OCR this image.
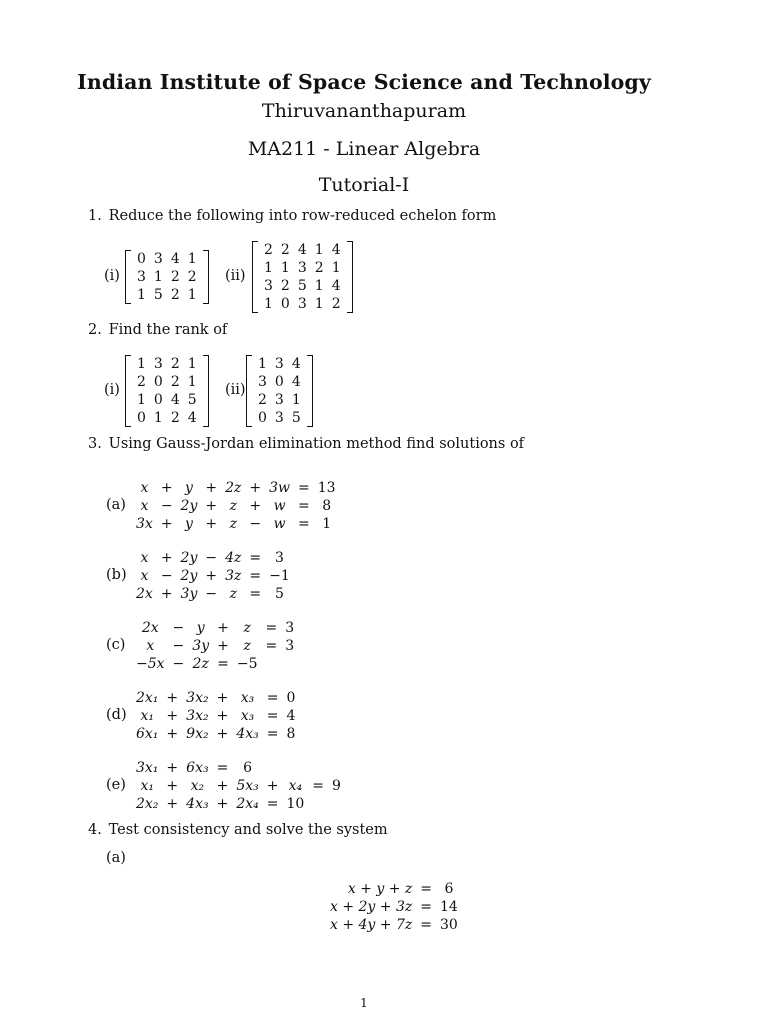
Indian Institute of Space Science and Technology
Thiruvananthapuram
MA211 - Linear Algebra
Tutorial-I
1. Reduce the following into row-reduced echelon form
(i)
0	3	4	1
3	1	2	2
1	5	2	1
(ii)
2	2	4	1	4
1	1	3	2	1
3	2	5	1	4
1	0	3	1	2
2. Find the rank of
(i)
1	3	2	1
2	0	2	1
1	0	4	5
0	1	2	4
(ii)
1	3	4
3	0	4
2	3	1
0	3	5
3. Using Gauss-Jordan elimination method find solutions of
(a)
x	+	y	+	2z	+	3w	=	13
x	−	2y	+	z	+	w	=	8
3x	+	y	+	z	−	w	=	1
(b)
x	+	2y	−	4z	=	3
x	−	2y	+	3z	=	−1
2x	+	3y	−	z	=	5
(c)
2x	−	y	+	z	=	3
x	−	3y	+	z	=	3
−5x	−	2z	=	−5		
(d)
2x₁	+	3x₂	+	x₃	=	0
x₁	+	3x₂	+	x₃	=	4
6x₁	+	9x₂	+	4x₃	=	8
(e)
3x₁	+	6x₃	=	6				
x₁	+	x₂	+	5x₃	+	x₄	=	9
2x₂	+	4x₃	+	2x₄	=	10		
4. Test consistency and solve the system
(a)
x + y + z	=	6
x + 2y + 3z	=	14
x + 4y + 7z	=	30
1
